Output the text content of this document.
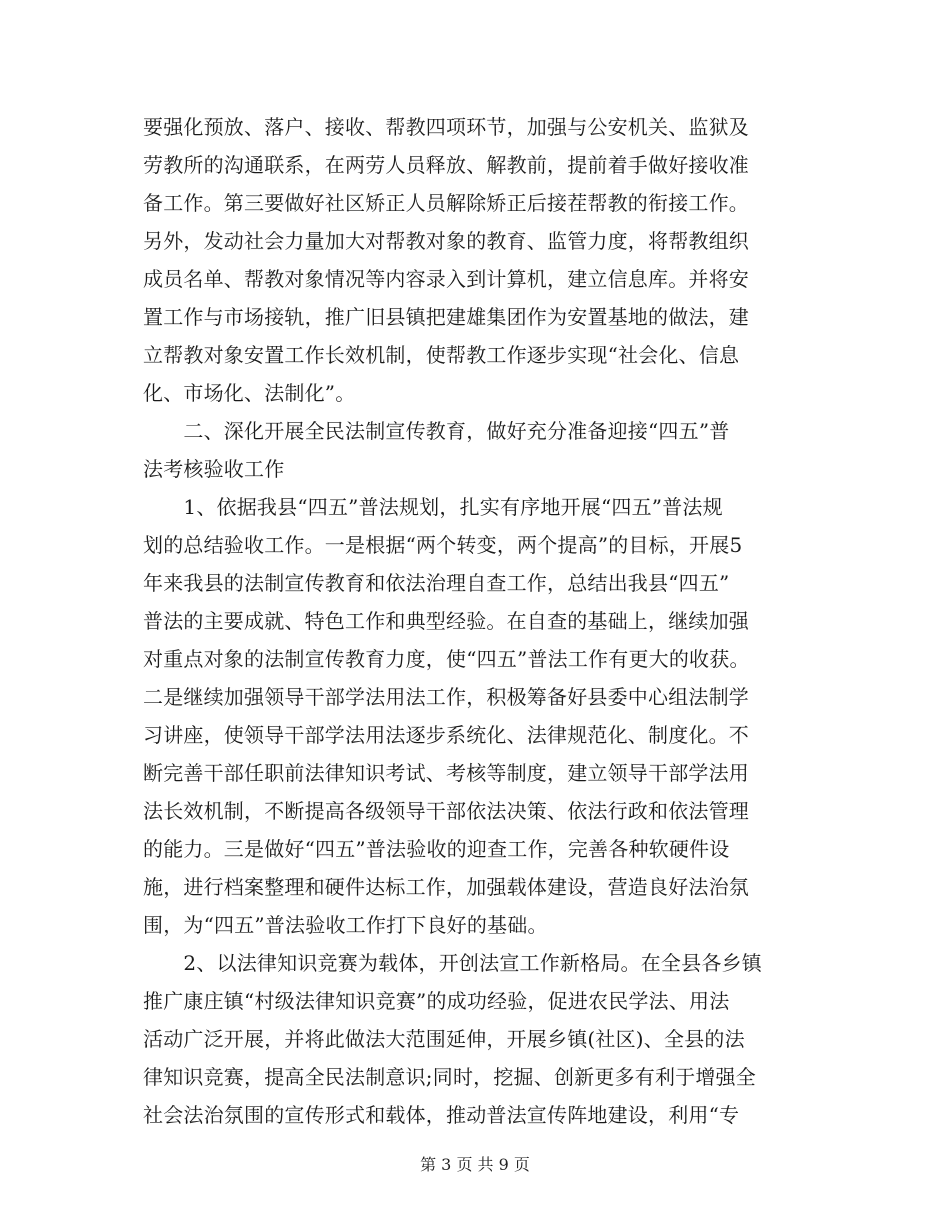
要强化预放、落户、接收、帮教四项环节，加强与公安机关、监狱及
劳教所的沟通联系，在两劳人员释放、解教前，提前着手做好接收准
备工作。第三要做好社区矫正人员解除矫正后接茬帮教的衔接工作。
另外，发动社会力量加大对帮教对象的教育、监管力度，将帮教组织
成员名单、帮教对象情况等内容录入到计算机，建立信息库。并将安
置工作与市场接轨，推广旧县镇把建雄集团作为安置基地的做法，建
立帮教对象安置工作长效机制，使帮教工作逐步实现“社会化、信息
化、市场化、法制化”。
　　二、深化开展全民法制宣传教育，做好充分准备迎接“四五”普
法考核验收工作
　　1、依据我县“四五”普法规划，扎实有序地开展“四五”普法规
划的总结验收工作。一是根据“两个转变，两个提高”的目标，开展5
年来我县的法制宣传教育和依法治理自查工作，总结出我县“四五”
普法的主要成就、特色工作和典型经验。在自查的基础上，继续加强
对重点对象的法制宣传教育力度，使“四五”普法工作有更大的收获。
二是继续加强领导干部学法用法工作，积极筹备好县委中心组法制学
习讲座，使领导干部学法用法逐步系统化、法律规范化、制度化。不
断完善干部任职前法律知识考试、考核等制度，建立领导干部学法用
法长效机制，不断提高各级领导干部依法决策、依法行政和依法管理
的能力。三是做好“四五”普法验收的迎查工作，完善各种软硬件设
施，进行档案整理和硬件达标工作，加强载体建设，营造良好法治氛
围，为“四五”普法验收工作打下良好的基础。
　　2、以法律知识竞赛为载体，开创法宣工作新格局。在全县各乡镇
推广康庄镇“村级法律知识竞赛”的成功经验，促进农民学法、用法
活动广泛开展，并将此做法大范围延伸，开展乡镇(社区)、全县的法
律知识竞赛，提高全民法制意识;同时，挖掘、创新更多有利于增强全
社会法治氛围的宣传形式和载体，推动普法宣传阵地建设，利用“专
第 3 页 共 9 页
